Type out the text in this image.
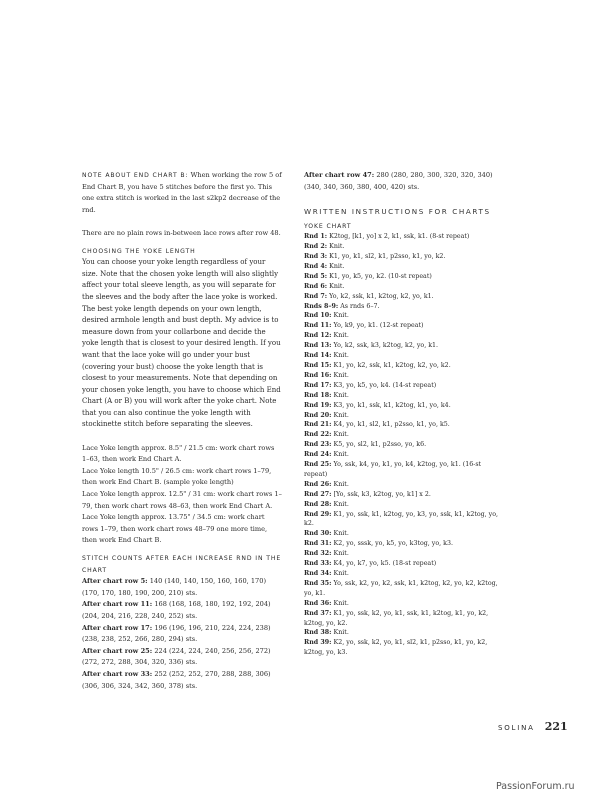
NOTE ABOUT END CHART B: When working the row 5 of End Chart B, you have 5 stitches before the first yo. This one extra stitch is worked in the last s2kp2 decrease of the rnd.

There are no plain rows in-between lace rows after row 48.

CHOOSING THE YOKE LENGTH

You can choose your yoke length regardless of your size. Note that the chosen yoke length will also slightly affect your total sleeve length, as you will separate for the sleeves and the body after the lace yoke is worked. The best yoke length depends on your own length, desired armhole length and bust depth. My advice is to measure down from your collarbone and decide the yoke length that is closest to your desired length. If you want that the lace yoke will go under your bust (covering your bust) choose the yoke length that is closest to your measurements. Note that depending on your chosen yoke length, you have to choose which End Chart (A or B) you will work after the yoke chart. Note that you can also continue the yoke length with stockinette stitch before separating the sleeves.

Lace Yoke length approx. 8.5" / 21.5 cm: work chart rows 1–63, then work End Chart A.

Lace Yoke length 10.5" / 26.5 cm: work chart rows 1–79, then work End Chart B. (sample yoke length)

Lace Yoke length approx. 12.5" / 31 cm: work chart rows 1–79, then work chart rows 48–63, then work End Chart A.

Lace Yoke length approx. 13.75" / 34.5 cm: work chart rows 1–79, then work chart rows 48–79 one more time, then work End Chart B.

STITCH COUNTS AFTER EACH INCREASE RND IN THE CHART

After chart row 5: 140 (140, 140, 150, 160, 160, 170) (170, 170, 180, 190, 200, 210) sts.

After chart row 11: 168 (168, 168, 180, 192, 192, 204) (204, 204, 216, 228, 240, 252) sts.

After chart row 17: 196 (196, 196, 210, 224, 224, 238) (238, 238, 252, 266, 280, 294) sts.

After chart row 25: 224 (224, 224, 240, 256, 256, 272) (272, 272, 288, 304, 320, 336) sts.

After chart row 33: 252 (252, 252, 270, 288, 288, 306) (306, 306, 324, 342, 360, 378) sts.

After chart row 47: 280 (280, 280, 300, 320, 320, 340) (340, 340, 360, 380, 400, 420) sts.

WRITTEN INSTRUCTIONS FOR CHARTS

YOKE CHART

Rnd 1: K2tog, [k1, yo] x 2, k1, ssk, k1. (8-st repeat)

Rnd 2: Knit.

Rnd 3: K1, yo, k1, sl2, k1, p2sso, k1, yo, k2.

Rnd 4: Knit.

Rnd 5: K1, yo, k5, yo, k2. (10-st repeat)

Rnd 6: Knit.

Rnd 7: Yo, k2, ssk, k1, k2tog, k2, yo, k1.

Rnds 8–9: As rnds 6–7.

Rnd 10: Knit.

Rnd 11: Yo, k9, yo, k1. (12-st repeat)

Rnd 12: Knit.

Rnd 13: Yo, k2, ssk, k3, k2tog, k2, yo, k1.

Rnd 14: Knit.

Rnd 15: K1, yo, k2, ssk, k1, k2tog, k2, yo, k2.

Rnd 16: Knit.

Rnd 17: K3, yo, k5, yo, k4. (14-st repeat)

Rnd 18: Knit.

Rnd 19: K3, yo, k1, ssk, k1, k2tog, k1, yo, k4.

Rnd 20: Knit.

Rnd 21: K4, yo, k1, sl2, k1, p2sso, k1, yo, k5.

Rnd 22: Knit.

Rnd 23: K5, yo, sl2, k1, p2sso, yo, k6.

Rnd 24: Knit.

Rnd 25: Yo, ssk, k4, yo, k1, yo, k4, k2tog, yo, k1. (16-st repeat)

Rnd 26: Knit.

Rnd 27: [Yo, ssk, k3, k2tog, yo, k1] x 2.

Rnd 28: Knit.

Rnd 29: K1, yo, ssk, k1, k2tog, yo, k3, yo, ssk, k1, k2tog, yo, k2.

Rnd 30: Knit.

Rnd 31: K2, yo, sssk, yo, k5, yo, k3tog, yo, k3.

Rnd 32: Knit.

Rnd 33: K4, yo, k7, yo, k5. (18-st repeat)

Rnd 34: Knit.

Rnd 35: Yo, ssk, k2, yo, k2, ssk, k1, k2tog, k2, yo, k2, k2tog, yo, k1.

Rnd 36: Knit.

Rnd 37: K1, yo, ssk, k2, yo, k1, ssk, k1, k2tog, k1, yo, k2, k2tog, yo, k2.

Rnd 38: Knit.

Rnd 39: K2, yo, ssk, k2, yo, k1, sl2, k1, p2sso, k1, yo, k2, k2tog, yo, k3.

SOLINA 221
PassionForum.ru
